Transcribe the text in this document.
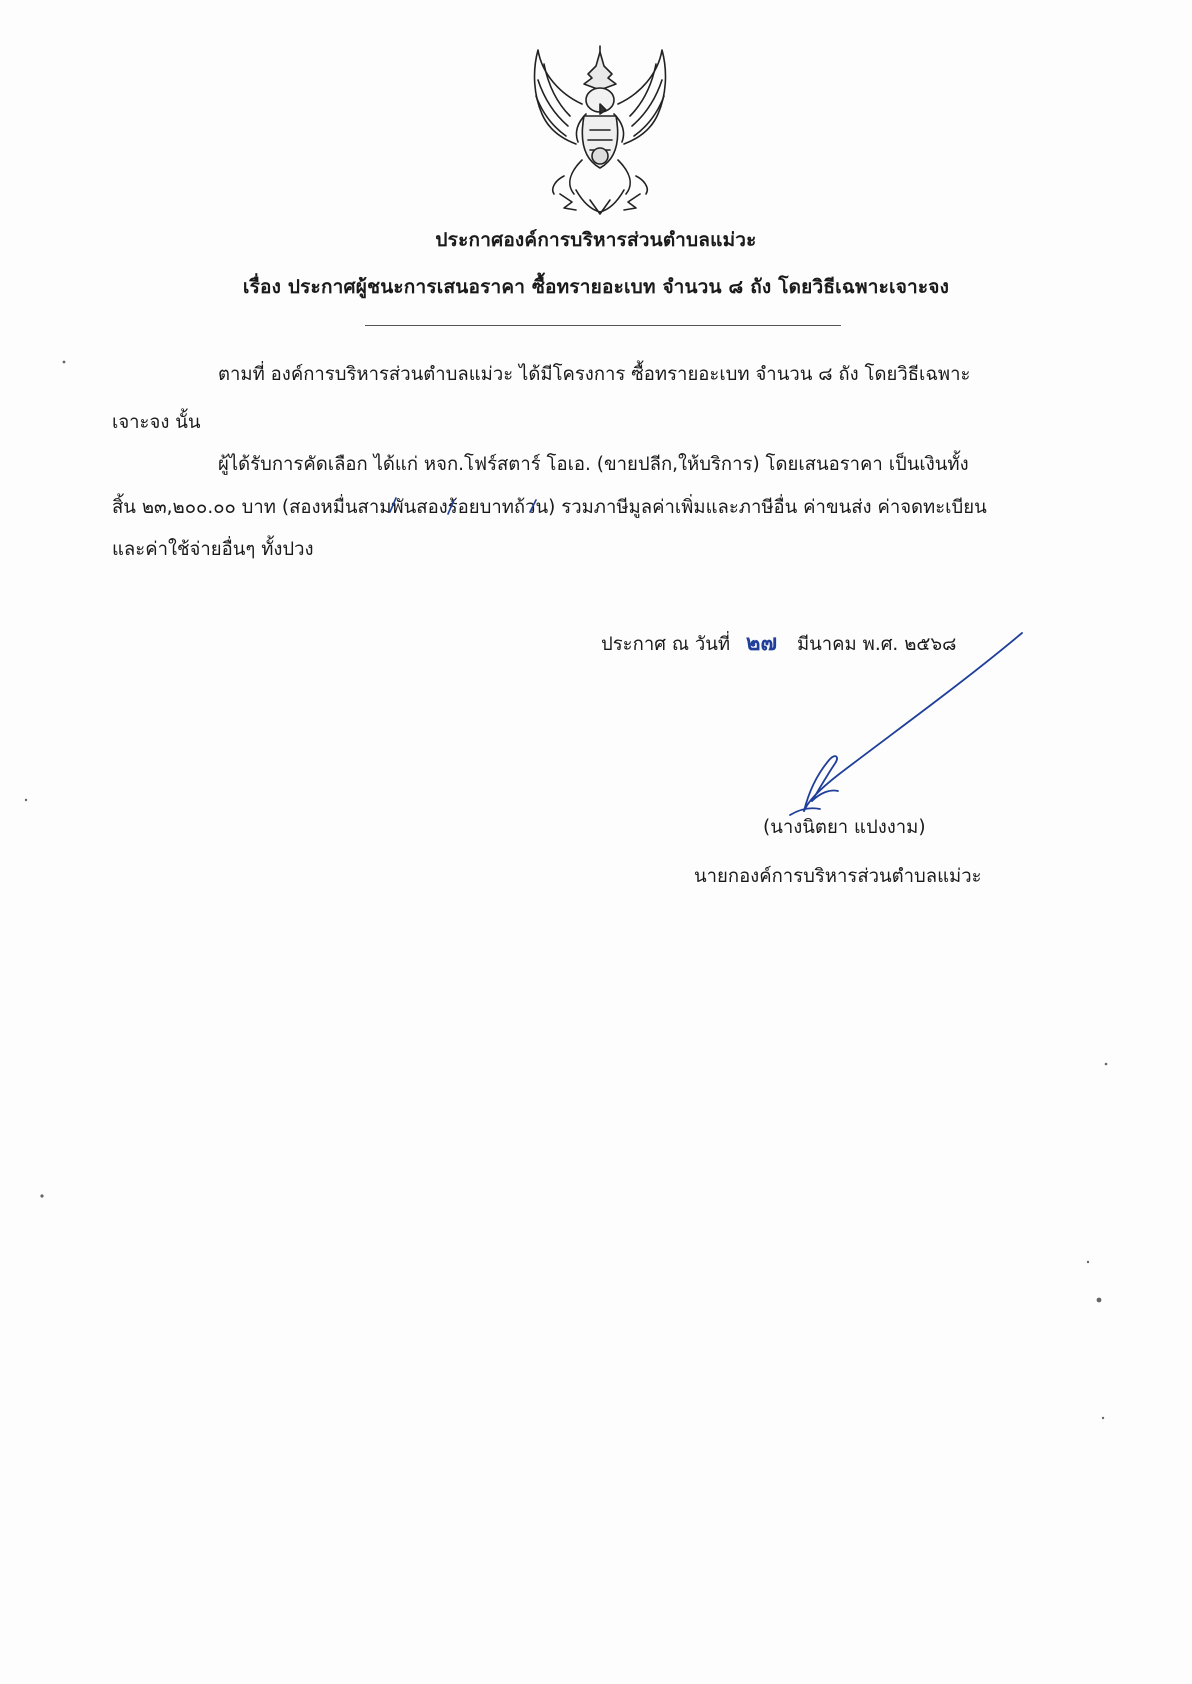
ประกาศองค์การบริหารส่วนตำบลแม่วะ
เรื่อง ประกาศผู้ชนะการเสนอราคา ซื้อทรายอะเบท จำนวน ๘ ถัง โดยวิธีเฉพาะเจาะจง
ตามที่ องค์การบริหารส่วนตำบลแม่วะ ได้มีโครงการ ซื้อทรายอะเบท จำนวน ๘ ถัง โดยวิธีเฉพาะ
เจาะจง นั้น
ผู้ได้รับการคัดเลือก ได้แก่ หจก.โฟร์สตาร์ โอเอ. (ขายปลีก,ให้บริการ) โดยเสนอราคา เป็นเงินทั้ง
สิ้น ๒๓,๒๐๐.๐๐ บาท (สองหมื่นสามพันสองร้อยบาทถ้วน) รวมภาษีมูลค่าเพิ่มและภาษีอื่น ค่าขนส่ง ค่าจดทะเบียน
และค่าใช้จ่ายอื่นๆ ทั้งปวง
ประกาศ ณ วันที่ ๒๗ มีนาคม พ.ศ. ๒๕๖๘
(นางนิตยา แปงงาม)
นายกองค์การบริหารส่วนตำบลแม่วะ
